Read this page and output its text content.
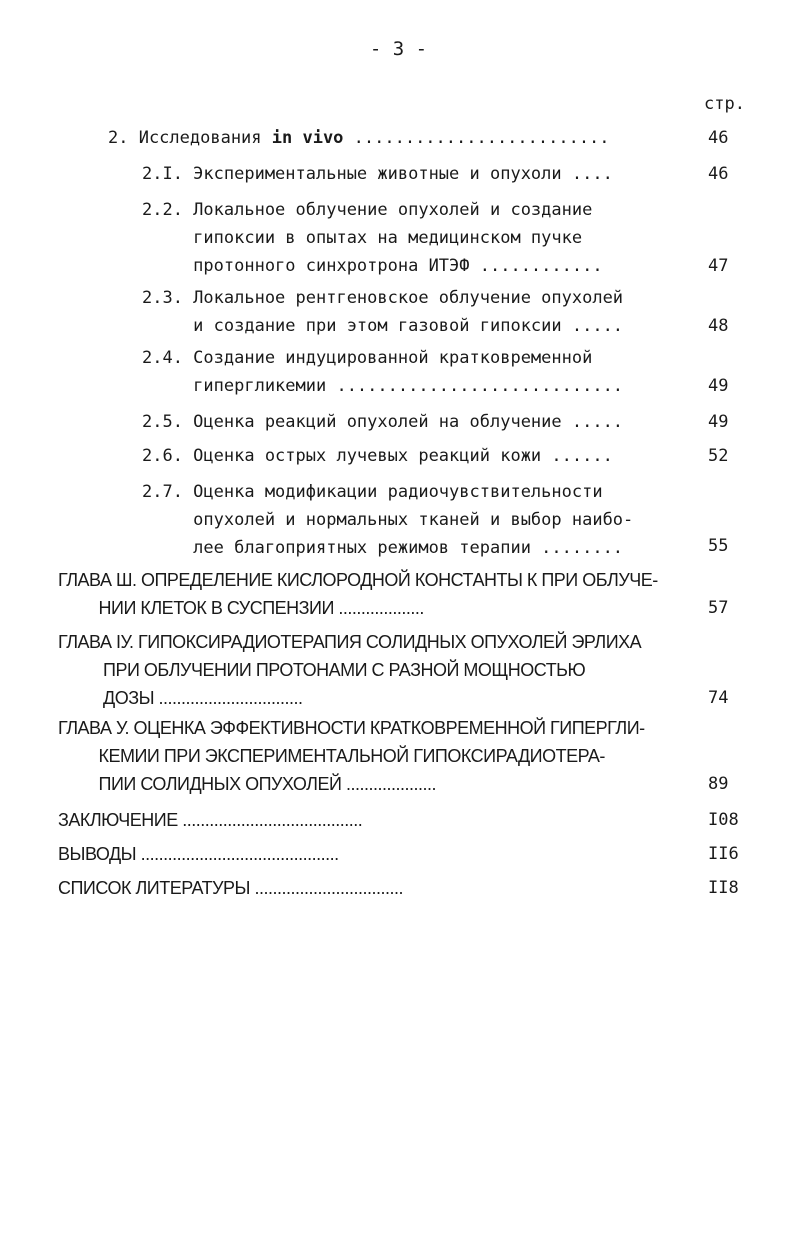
- 3 -
стр.
2. Исследования in vivo .........................	46
2.I. Экспериментальные животные и опухоли ....	46
2.2. Локальное облучение опухолей и создание
гипоксии в опытах на медицинском пучке
протонного синхротрона ИТЭФ ............	47
2.3. Локальное рентгеновское облучение опухолей
и создание при этом газовой гипоксии .....	48
2.4. Создание индуцированной кратковременной
гипергликемии ............................	49
2.5. Оценка реакций опухолей на облучение .....	49
2.6. Оценка острых лучевых реакций кожи ......	52
2.7. Оценка модификации радиочувствительности
опухолей и нормальных тканей и выбор наибо-
лее благоприятных режимов терапии ........	55
ГЛАВА Ш. ОПРЕДЕЛЕНИЕ КИСЛОРОДНОЙ КОНСТАНТЫ К ПРИ ОБЛУЧЕ-
НИИ КЛЕТОК В СУСПЕНЗИИ ...................	57
ГЛАВА IУ. ГИПОКСИРАДИОТЕРАПИЯ СОЛИДНЫХ ОПУХОЛЕЙ ЭРЛИХА
ПРИ ОБЛУЧЕНИИ ПРОТОНАМИ С РАЗНОЙ МОЩНОСТЬЮ
ДОЗЫ ................................	74
ГЛАВА У. ОЦЕНКА ЭФФЕКТИВНОСТИ КРАТКОВРЕМЕННОЙ ГИПЕРГЛИ-
КЕМИИ ПРИ ЭКСПЕРИМЕНТАЛЬНОЙ ГИПОКСИРАДИОТЕРА-
ПИИ СОЛИДНЫХ ОПУХОЛЕЙ ....................	89
ЗАКЛЮЧЕНИЕ ........................................	I08
ВЫВОДЫ ............................................	II6
СПИСОК ЛИТЕРАТУРЫ .................................	II8
